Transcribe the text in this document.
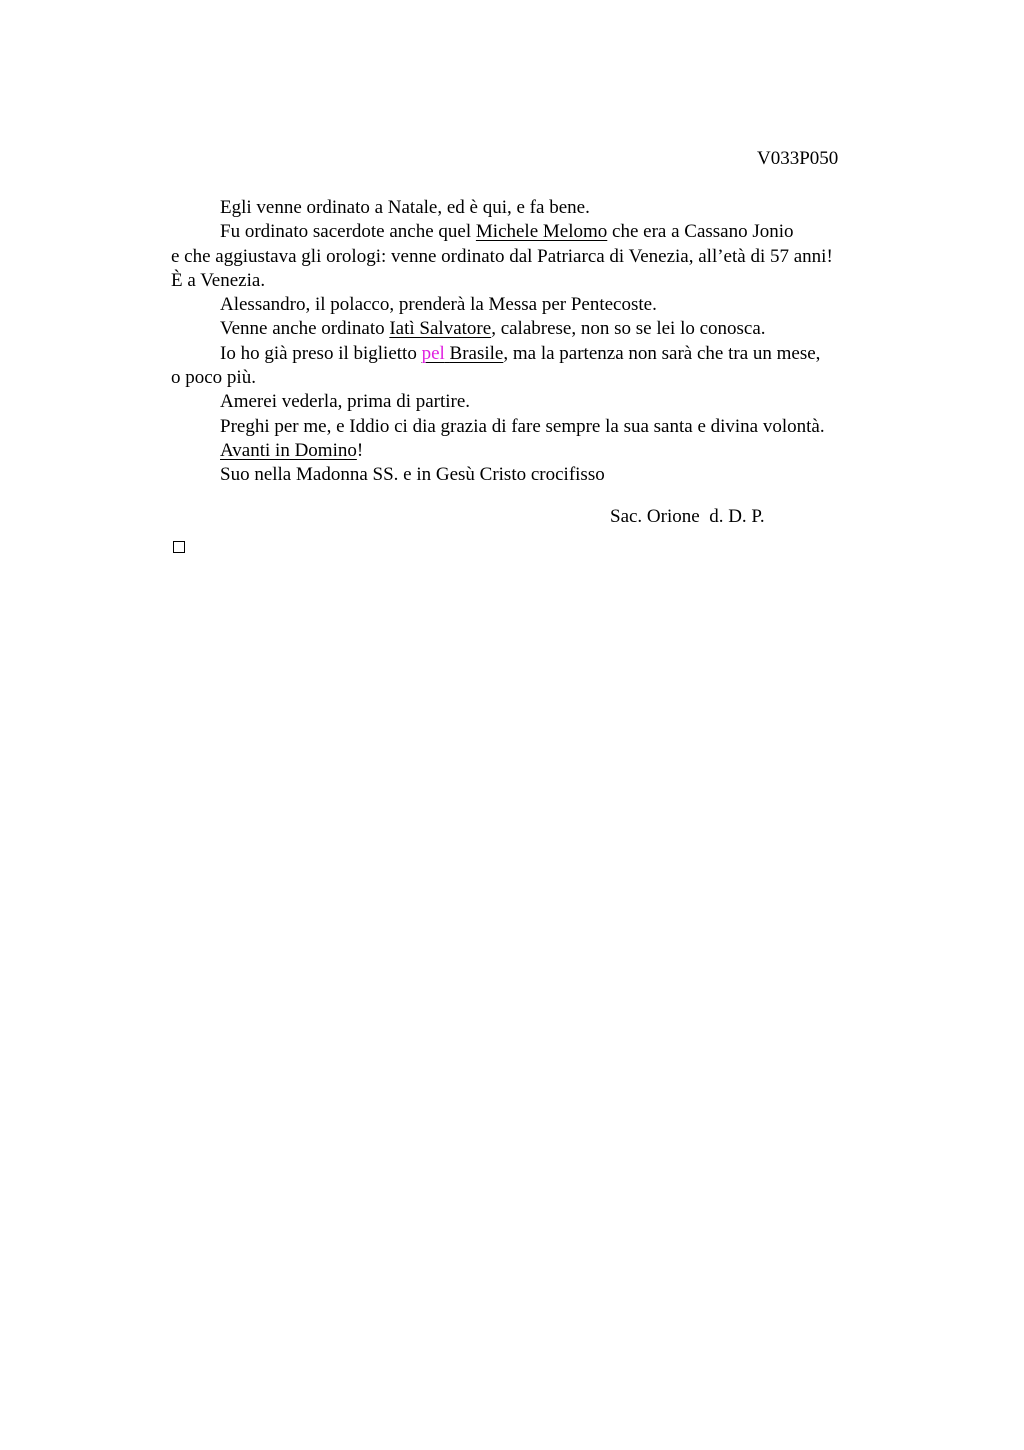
V033P050
Egli venne ordinato a Natale, ed è qui, e fa bene.
Fu ordinato sacerdote anche quel Michele Melomo che era a Cassano Jonio
e che aggiustava gli orologi: venne ordinato dal Patriarca di Venezia, all’età di 57 anni!
È a Venezia.
Alessandro, il polacco, prenderà la Messa per Pentecoste.
Venne anche ordinato Iatì Salvatore, calabrese, non so se lei lo conosca.
Io ho già preso il biglietto pel Brasile, ma la partenza non sarà che tra un mese,
o poco più.
Amerei vederla, prima di partire.
Preghi per me, e Iddio ci dia grazia di fare sempre la sua santa e divina volontà.
Avanti in Domino!
Suo nella Madonna SS. e in Gesù Cristo crocifisso
Sac. Orione  d. D. P.
